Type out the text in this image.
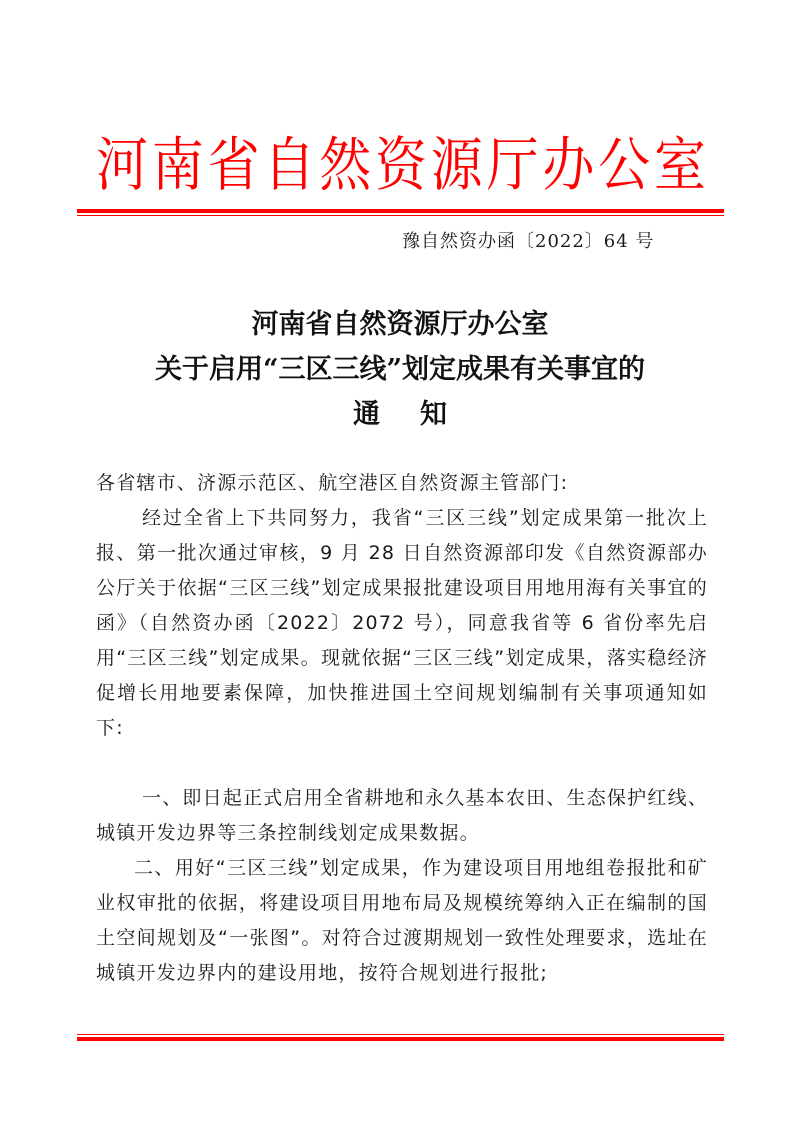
河 南 省 自 然 资 源 厅 办 公 室
豫自然资办函〔2022〕64 号
河南省自然资源厅办公室
关于启用“三区三线”划定成果有关事宜的
通知
各省辖市、济源示范区、航空港区自然资源主管部门:
经过全省上下共同努力，我省“三区三线”划定成果第一批次上报、第一批次通过审核，9 月 28 日自然资源部印发《自然资源部办公厅关于依据“三区三线”划定成果报批建设项目用地用海有关事宜的函》（自然资办函〔2022〕2072 号），同意我省等 6 省份率先启用“三区三线”划定成果。现就依据“三区三线”划定成果，落实稳经济促增长用地要素保障，加快推进国土空间规划编制有关事项通知如下:
一、即日起正式启用全省耕地和永久基本农田、生态保护红线、城镇开发边界等三条控制线划定成果数据。
二、用好“三区三线”划定成果，作为建设项目用地组卷报批和矿业权审批的依据，将建设项目用地布局及规模统筹纳入正在编制的国土空间规划及“一张图”。对符合过渡期规划一致性处理要求，选址在城镇开发边界内的建设用地，按符合规划进行报批;
